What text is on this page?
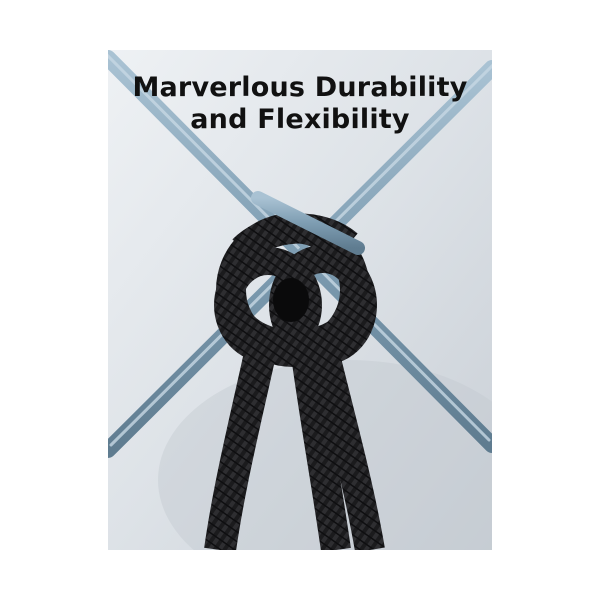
Marverlous Durability
and Flexibility
